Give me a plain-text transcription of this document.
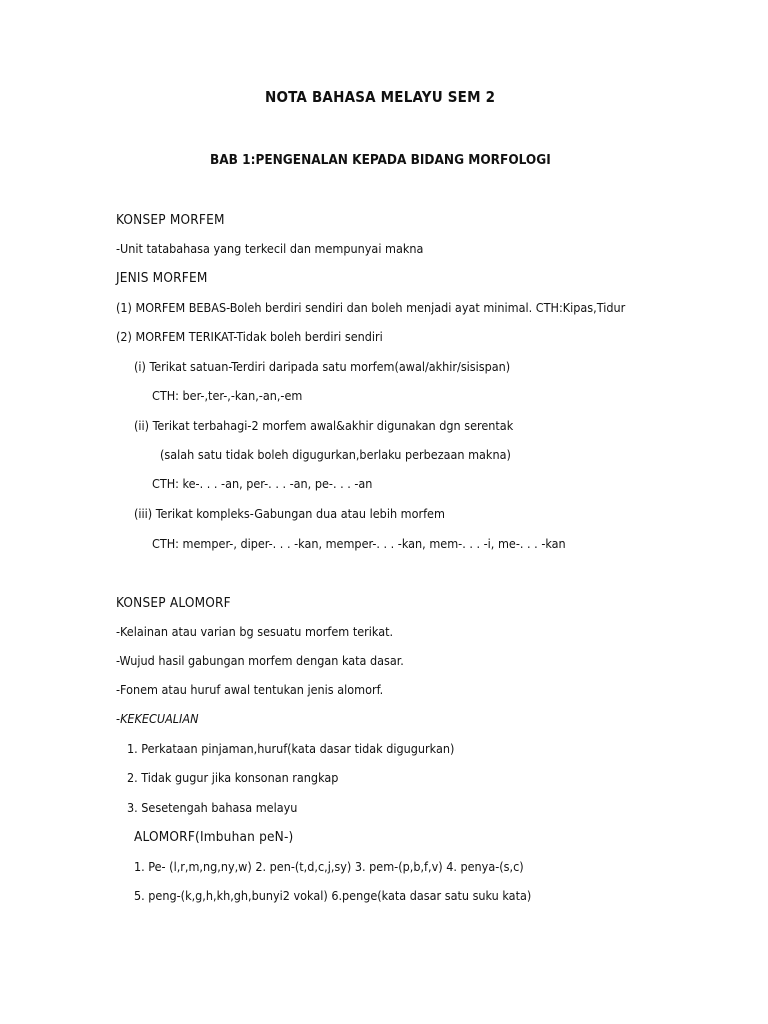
NOTA BAHASA MELAYU SEM 2
BAB 1:PENGENALAN KEPADA BIDANG MORFOLOGI
KONSEP MORFEM
-Unit tatabahasa yang terkecil dan mempunyai makna
JENIS MORFEM
(1) MORFEM BEBAS-Boleh berdiri sendiri dan boleh menjadi ayat minimal. CTH:Kipas,Tidur
(2) MORFEM TERIKAT-Tidak boleh berdiri sendiri
(i) Terikat satuan-Terdiri daripada satu morfem(awal/akhir/sisispan)
CTH: ber-,ter-,-kan,-an,-em
(ii) Terikat terbahagi-2 morfem awal&akhir digunakan dgn serentak
(salah satu tidak boleh digugurkan,berlaku perbezaan makna)
CTH: ke-. . . -an, per-. . . -an, pe-. . . -an
(iii) Terikat kompleks-Gabungan dua atau lebih morfem
CTH: memper-, diper-. . . -kan, memper-. . . -kan, mem-. . . -i, me-. . . -kan
KONSEP ALOMORF
-Kelainan atau varian bg sesuatu morfem terikat.
-Wujud hasil gabungan morfem dengan kata dasar.
-Fonem atau huruf awal tentukan jenis alomorf.
-KEKECUALIAN
1. Perkataan pinjaman,huruf(kata dasar tidak digugurkan)
2. Tidak gugur jika konsonan rangkap
3. Sesetengah bahasa melayu
ALOMORF(Imbuhan peN-)
1. Pe- (l,r,m,ng,ny,w) 2. pen-(t,d,c,j,sy) 3. pem-(p,b,f,v) 4. penya-(s,c)
5. peng-(k,g,h,kh,gh,bunyi2 vokal) 6.penge(kata dasar satu suku kata)
